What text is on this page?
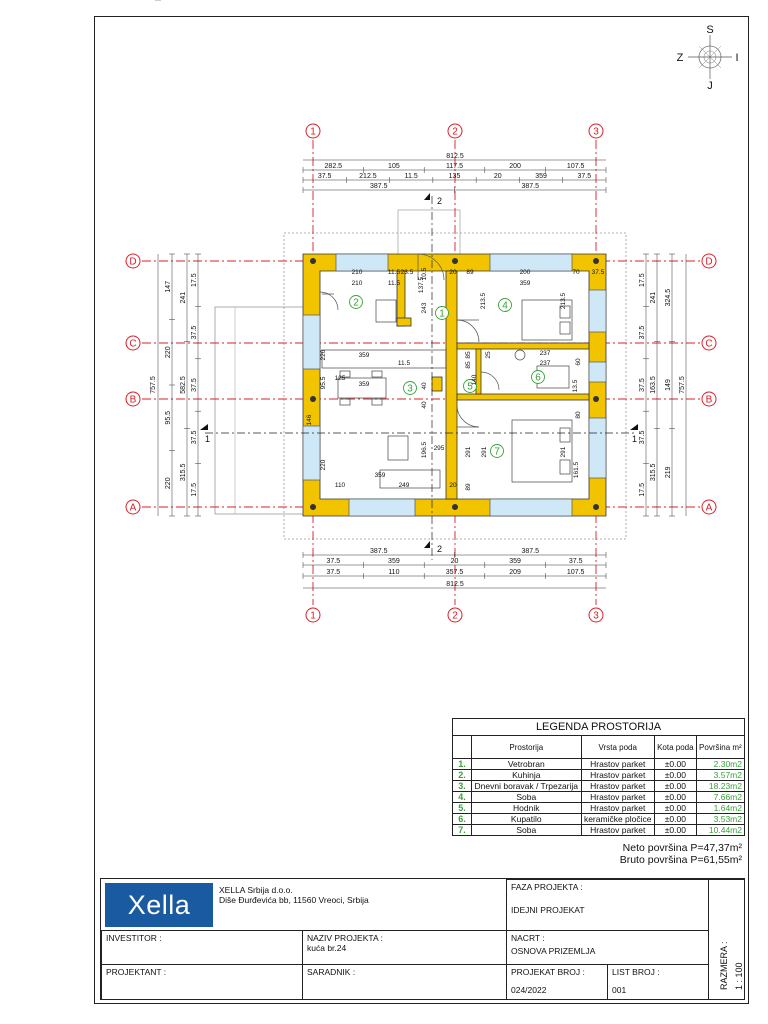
S
Z	I
J
1
1
2
2
3
3
D	D
C	C
B	B
A	A
1	1
2
2
1
2
3
4
5
6
7
812.5
282.5	105	117.5	200	107.5
37.5	212.5	11.5	135	20	359	37.5
387.5	387.5
387.5	387.5
37.5	359	20	359	37.5
37.5	110	357.5	209	107.5
812.5
757.5
147
220
95.5
220
241
582.5
315.5
17.5
37.5
37.5
37.5
17.5
17.5
37.5
37.5
37.5
17.5
241
163.5
315.5
324.5
149
219
757.5
210	11.5 23.5 10.5	20 89	200	70 37.5
210	11.5	137.5
359
213.5	213.5
243
359
85 25	237
237
359	40
140
11.5
13.5
85	60
80
359
249	20 89
110
220
220
295	291 291	291
161.5
196.5
95.5 125
146
40
LEGENDA PROSTORIJA				
	Prostorija	Vrsta poda	Kota poda	Površina m²
1.	Vetrobran	Hrastov parket	±0.00	2.30m2
2.	Kuhinja	Hrastov parket	±0.00	3.57m2
3.	Dnevni boravak / Trpezarija	Hrastov parket	±0.00	18.23m2
4.	Soba	Hrastov parket	±0.00	7.66m2
5.	Hodnik	Hrastov parket	±0.00	1.64m2
6.	Kupatilo	keramičke pločice	±0.00	3.53m2
7.	Soba	Hrastov parket	±0.00	10.44m2
Neto površina P=47,37m²
Bruto površina P=61,55m²
Xella	XELLA Srbija d.o.o.
Diše Đurđevića bb, 11560 Vreoci, Srbija
FAZA PROJEKTA :
IDEJNI PROJEKAT
INVESTITOR :	NAZIV PROJEKTA :
kuća br.24
NACRT :
OSNOVA PRIZEMLJA
PROJEKTANT :	SARADNIK :	PROJEKAT BROJ :
024/2022
LIST BROJ :
001	RAZMERA : 1 : 100
